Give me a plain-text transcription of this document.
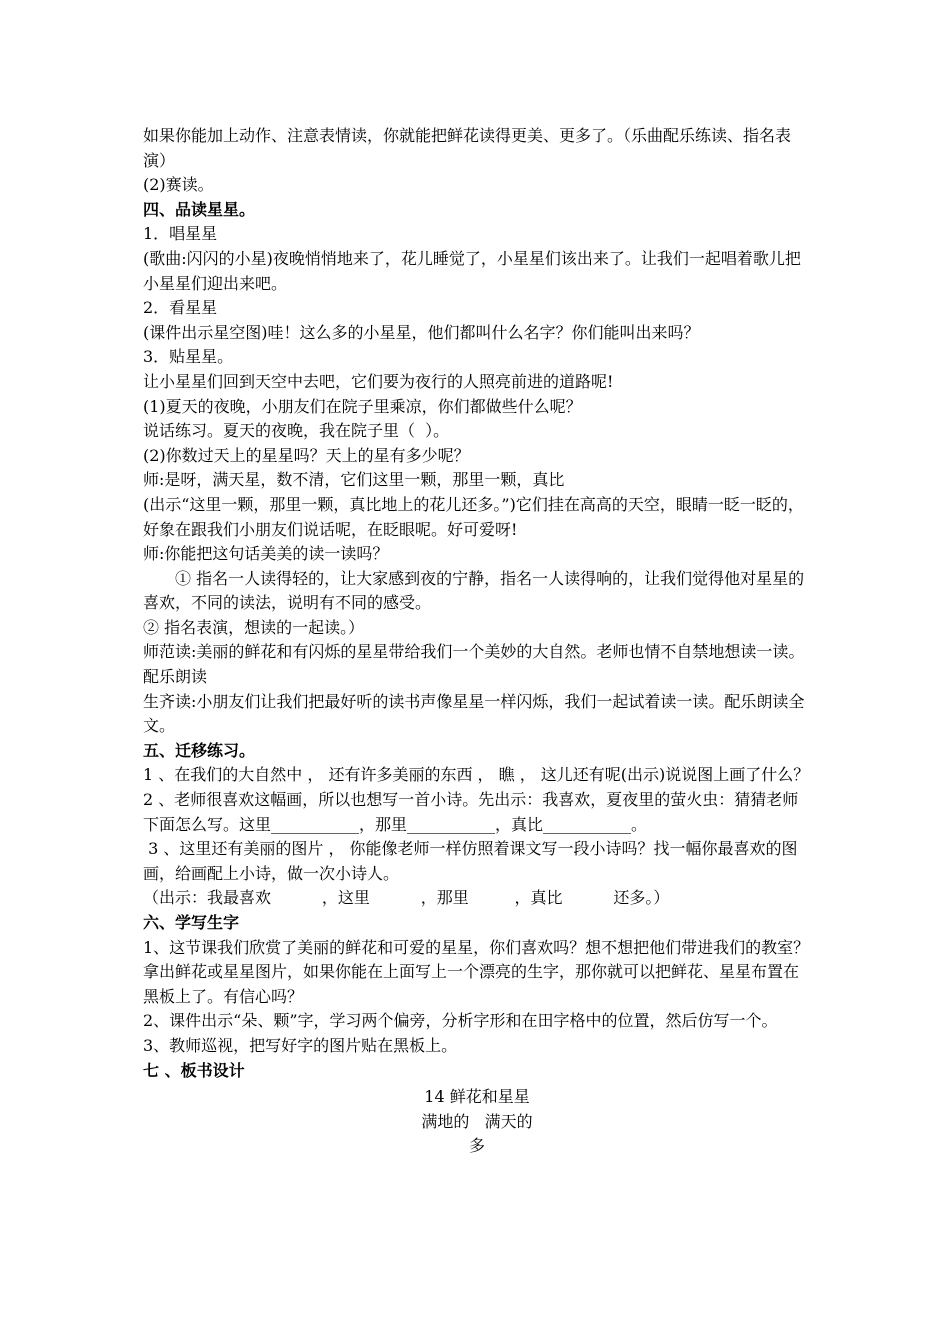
如果你能加上动作、注意表情读，你就能把鲜花读得更美、更多了。（乐曲配乐练读、指名表演）

(2)赛读。

四、品读星星。

1．唱星星

(歌曲:闪闪的小星)夜晚悄悄地来了，花儿睡觉了，小星星们该出来了。让我们一起唱着歌儿把小星星们迎出来吧。

2．看星星

(课件出示星空图)哇！这么多的小星星，他们都叫什么名字？你们能叫出来吗？

3．贴星星。

让小星星们回到天空中去吧，它们要为夜行的人照亮前进的道路呢!

(1)夏天的夜晚，小朋友们在院子里乘凉，你们都做些什么呢？

说话练习。夏天的夜晚，我在院子里（  ）。

(2)你数过天上的星星吗？天上的星有多少呢？

师:是呀，满天星，数不清，它们这里一颗，那里一颗，真比

(出示“这里一颗，那里一颗，真比地上的花儿还多。”)它们挂在高高的天空，眼睛一眨一眨的，好象在跟我们小朋友们说话呢，在眨眼呢。好可爱呀!

师:你能把这句话美美的读一读吗？

① 指名一人读得轻的，让大家感到夜的宁静，指名一人读得响的，让我们觉得他对星星的喜欢，不同的读法，说明有不同的感受。

② 指名表演，想读的一起读。）

师范读:美丽的鲜花和有闪烁的星星带给我们一个美妙的大自然。老师也情不自禁地想读一读。配乐朗读

生齐读:小朋友们让我们把最好听的读书声像星星一样闪烁，我们一起试着读一读。配乐朗读全文。

五、迁移练习。

1 、在我们的大自然中 ， 还有许多美丽的东西 ， 瞧 ， 这儿还有呢(出示)说说图上画了什么？

2 、老师很喜欢这幅画，所以也想写一首小诗。先出示：我喜欢，夏夜里的萤火虫：猜猜老师下面怎么写。这里___________，那里___________，真比___________。

3 、这里还有美丽的图片 ， 你能像老师一样仿照着课文写一段小诗吗？找一幅你最喜欢的图画，给画配上小诗，做一次小诗人。

（出示：我最喜欢          ，这里          ，那里         ，真比          还多。）

六、学写生字

1、这节课我们欣赏了美丽的鲜花和可爱的星星，你们喜欢吗？想不想把他们带进我们的教室？拿出鲜花或星星图片，如果你能在上面写上一个漂亮的生字，那你就可以把鲜花、星星布置在黑板上了。有信心吗？

2、课件出示“朵、颗”字，学习两个偏旁，分析字形和在田字格中的位置，然后仿写一个。

3、教师巡视，把写好字的图片贴在黑板上。

七 、板书设计

14 鲜花和星星

满地的   满天的

多
